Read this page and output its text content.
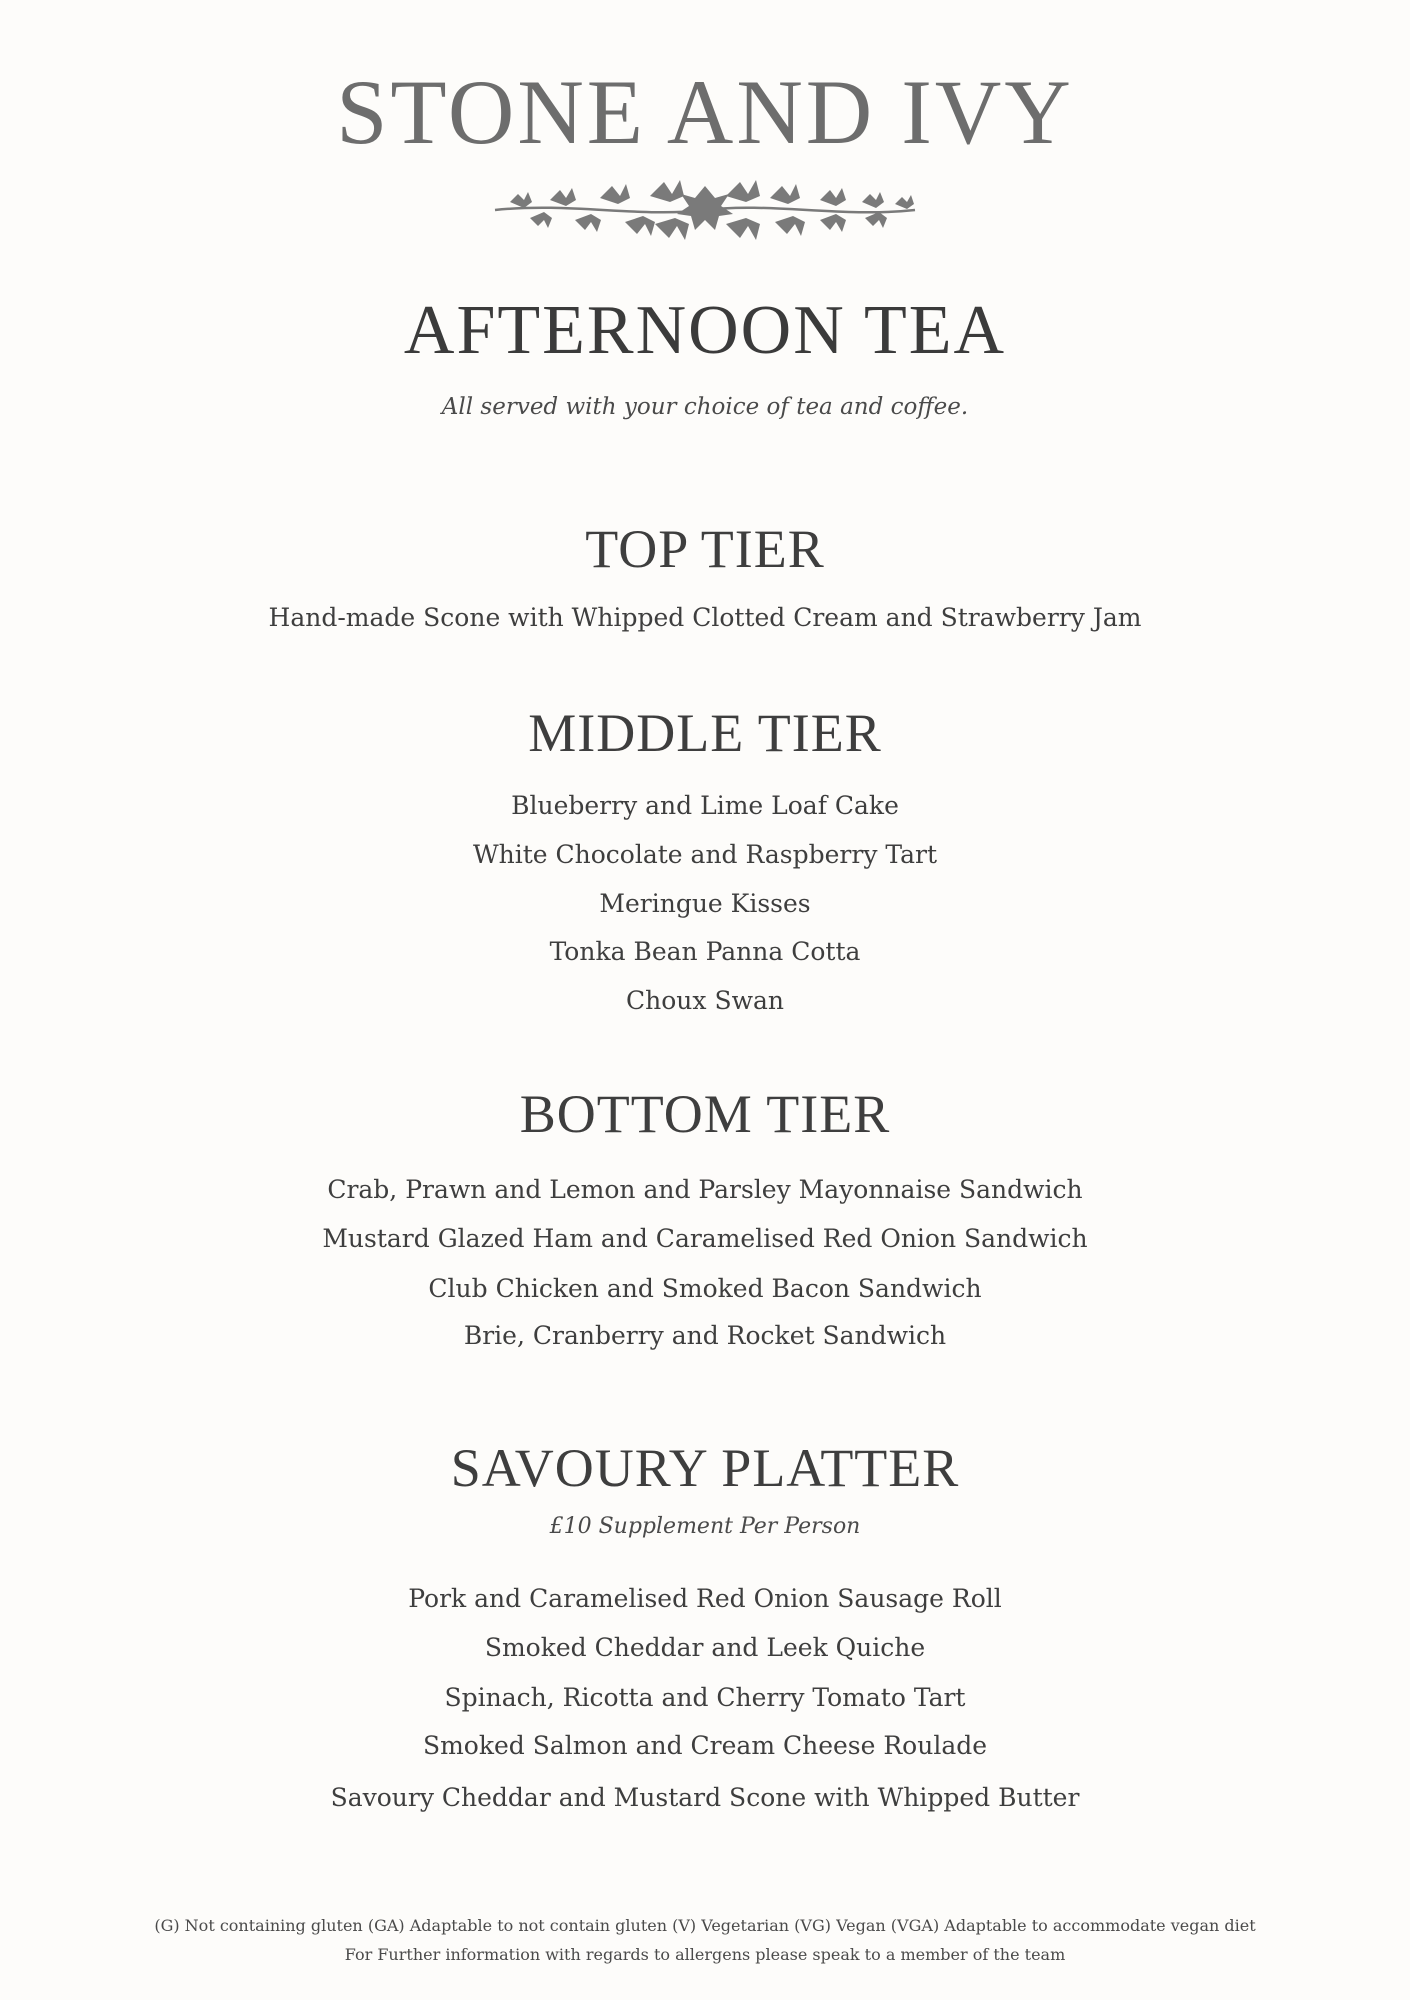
STONE AND IVY
AFTERNOON TEA
All served with your choice of tea and coffee.
TOP TIER
Hand-made Scone with Whipped Clotted Cream and Strawberry Jam
MIDDLE TIER
Blueberry and Lime Loaf Cake
White Chocolate and Raspberry Tart
Meringue Kisses
Tonka Bean Panna Cotta
Choux Swan
BOTTOM TIER
Crab, Prawn and Lemon and Parsley Mayonnaise Sandwich
Mustard Glazed Ham and Caramelised Red Onion Sandwich
Club Chicken and Smoked Bacon Sandwich
Brie, Cranberry and Rocket Sandwich
SAVOURY PLATTER
£10 Supplement Per Person
Pork and Caramelised Red Onion Sausage Roll
Smoked Cheddar and Leek Quiche
Spinach, Ricotta and Cherry Tomato Tart
Smoked Salmon and Cream Cheese Roulade
Savoury Cheddar and Mustard Scone with Whipped Butter
(G) Not containing gluten (GA) Adaptable to not contain gluten (V) Vegetarian (VG) Vegan (VGA) Adaptable to accommodate vegan diet
For Further information with regards to allergens please speak to a member of the team
